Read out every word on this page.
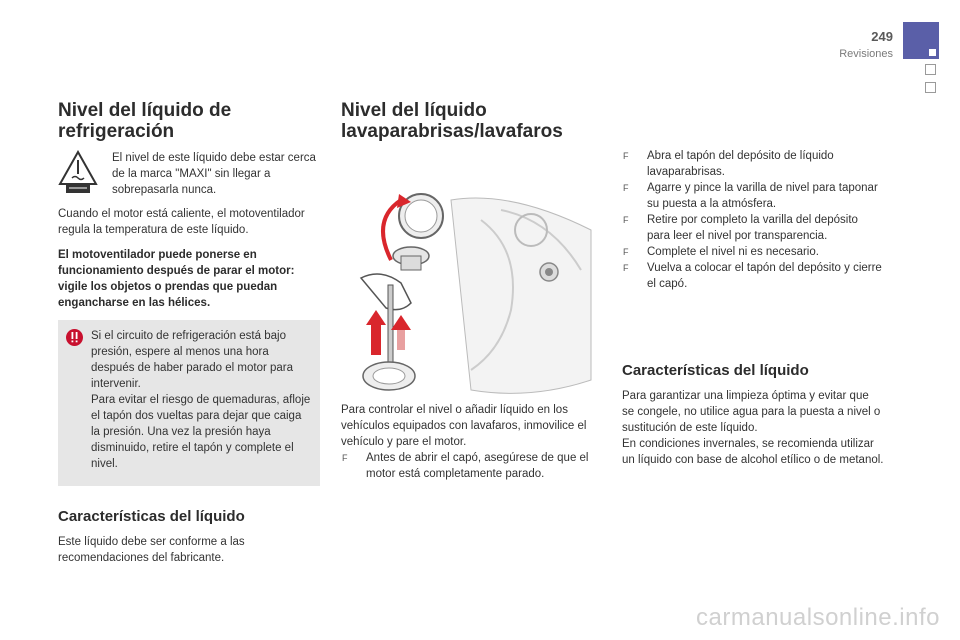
249
Revisiones
Nivel del líquido de refrigeración
El nivel de este líquido debe estar cerca de la marca "MAXI" sin llegar a sobrepasarla nunca.

Cuando el motor está caliente, el motoventilador regula la temperatura de este líquido.

El motoventilador puede ponerse en funcionamiento después de parar el motor: vigile los objetos o prendas que puedan engancharse en las hélices.

Si el circuito de refrigeración está bajo presión, espere al menos una hora después de haber parado el motor para intervenir.
Para evitar el riesgo de quemaduras, afloje el tapón dos vueltas para dejar que caiga la presión. Una vez la presión haya disminuido, retire el tapón y complete el nivel.
Características del líquido

Este líquido debe ser conforme a las recomendaciones del fabricante.

Nivel del líquido lavaparabrisas/lavafaros

Para controlar el nivel o añadir líquido en los vehículos equipados con lavafaros, inmovilice el vehículo y pare el motor.

F Antes de abrir el capó, asegúrese de que el motor está completamente parado.
F Abra el tapón del depósito de líquido lavaparabrisas.
F Agarre y pince la varilla de nivel para taponar su puesta a la atmósfera.
F Retire por completo la varilla del depósito para leer el nivel por transparencia.
F Complete el nivel ni es necesario.
F Vuelva a colocar el tapón del depósito y cierre el capó.
Características del líquido
Para garantizar una limpieza óptima y evitar que se congele, no utilice agua para la puesta a nivel o sustitución de este líquido.
En condiciones invernales, se recomienda utilizar un líquido con base de alcohol etílico o de metanol.
carmanualsonline.info
